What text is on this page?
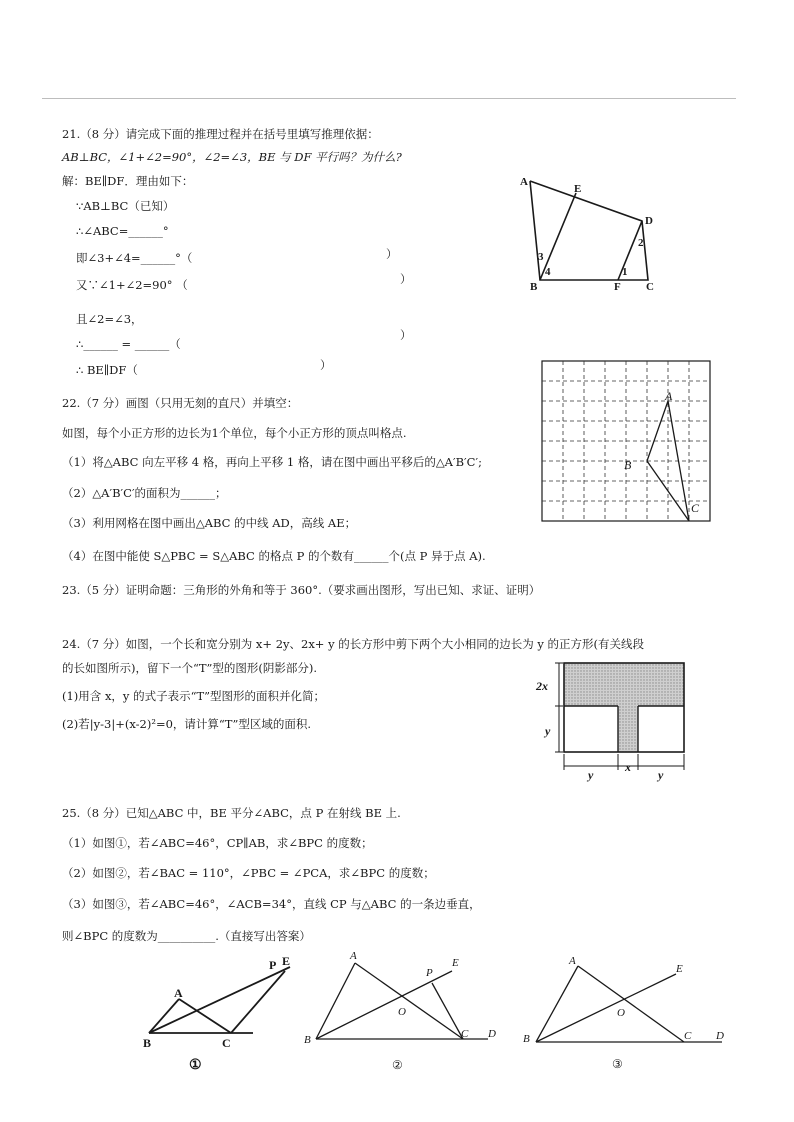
21.（8 分）请完成下面的推理过程并在括号里填写推理依据：
AB⊥BC，∠1+∠2=90°，∠2=∠3，BE 与 DF 平行吗？为什么?
解：BE∥DF．理由如下：
∵AB⊥BC（已知）
∴∠ABC=______°
即∠3+∠4=______°（	）
又∵∠1+∠2=90° （	）
且∠2=∠3，
∴______ = ______（
）
∴ BE∥DF（	）
A
E
D
B	F C
1
2
3
4
22.（7 分）画图（只用无刻的直尺）并填空：
如图，每个小正方形的边长为1个单位，每个小正方形的顶点叫格点.
（1）将△ABC 向左平移 4 格，再向上平移 1 格，请在图中画出平移后的△A′B′C′;
（2）△A′B′C′的面积为______；
（3）利用网格在图中画出△ABC 的中线 AD，高线 AE；
（4）在图中能使 S△PBC = S△ABC 的格点 P 的个数有______个(点 P 异于点 A).
A
B
C
23.（5 分）证明命题：三角形的外角和等于 360°.（要求画出图形，写出已知、求证、证明）
24.（7 分）如图，一个长和宽分别为 x+ 2y、2x+ y 的长方形中剪下两个大小相同的边长为 y 的正方形(有关线段
的长如图所示)，留下一个“T”型的图形(阴影部分).
(1)用含 x，y 的式子表示“T”型图形的面积并化简；
(2)若|y-3|+(x-2)²=0，请计算“T”型区域的面积.
2x
y
y
x
y
25.（8 分）已知△ABC 中，BE 平分∠ABC，点 P 在射线 BE 上.
（1）如图①，若∠ABC=46°，CP∥AB，求∠BPC 的度数；
（2）如图②，若∠BAC = 110°，∠PBC = ∠PCA，求∠BPC 的度数；
（3）如图③，若∠ABC=46°，∠ACB=34°，直线 CP 与△ABC 的一条边垂直，
则∠BPC 的度数为__________.（直接写出答案）
P E
A
B	C
①
A
P
E
O
B	C D
②
A
E
O
B	C D
③
